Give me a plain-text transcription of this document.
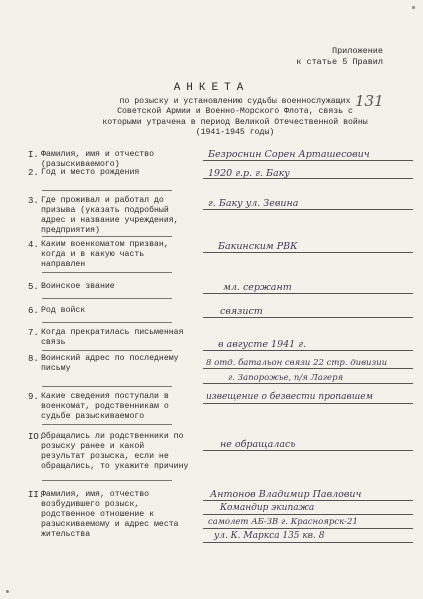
Приложение
к статье 5 Правил
131
АНКЕТА
по розыску и установлению судьбы военнослужащих Советской Армии и Военно-Морского Флота, связь с которыми утрачена в период Великой Отечественной войны (1941-1945 годы)
I. Фамилия, имя и отчество (разыскиваемого)
Безроснин Сорен Арташесович
2. Год и место рождения	1920 г.р. г. Баку
3. Где проживал и работал до призыва (указать подробный адрес и название учреждения, предприятия)
г. Баку ул. Зевина
4. Каким военкоматом призван, когда и в какую часть направлен
Бакинским РВК
5. Воинское звание	мл. сержант
6. Род войск	связист
7. Когда прекратилась письменная связь	в августе 1941 г.
8. Воинский адрес по последнему письму
8 отд. батальон связи 22 стр. дивизии
г. Запорожье, п/я Лагеря
9. Какие сведения поступали в военкомат, родственникам о судьбе разыскиваемого
извещение о безвести пропавшем
IO.
Обращались ли родственники по розыску ранее и какой результат розыска, если не обращались, то укажите причину
не обращалась
II.
Фамилия, имя, отчество возбудившего розыск, родственное отношение к разыскиваемому и адрес места жительства
Антонов Владимир Павлович
Командир экипажа
самолет АБ-ЗВ г. Красноярск-21
ул. К. Маркса 135 кв. 8
